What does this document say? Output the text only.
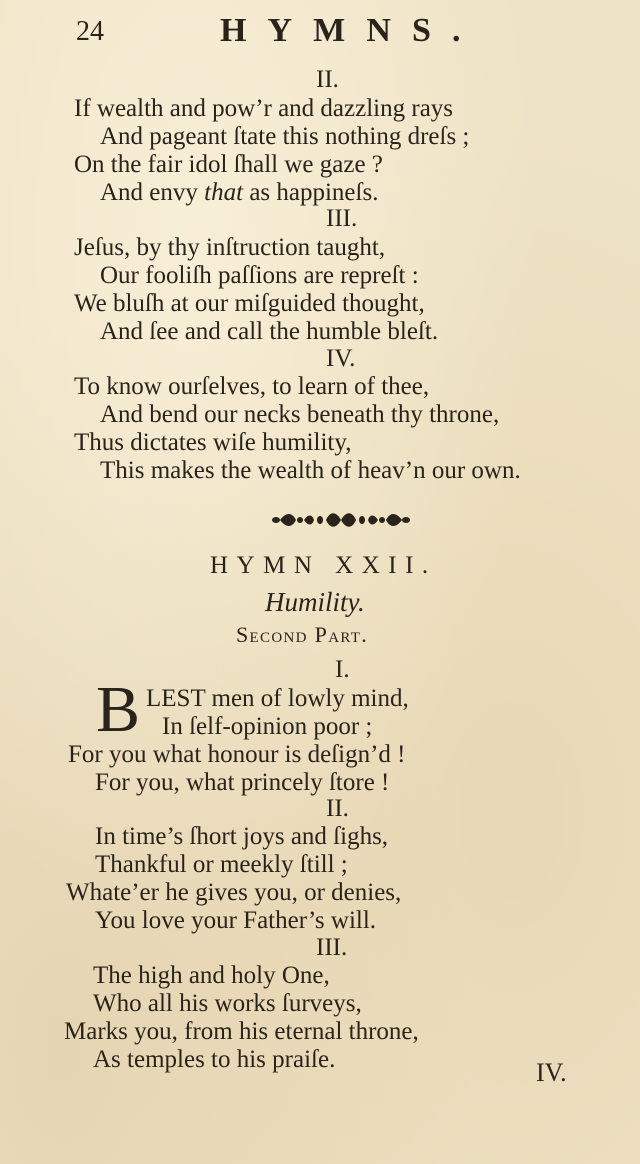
24	HYMNS.
II.
If wealth and pow’r and dazzling rays
And pageant ſtate this nothing dreſs ;
On the fair idol ſhall we gaze ?
And envy that as happineſs.
III.
Jeſus, by thy inſtruction taught,
Our fooliſh paſſions are repreſt :
We bluſh at our miſguided thought,
And ſee and call the humble bleſt.
IV.
To know ourſelves, to learn of thee,
And bend our necks beneath thy throne,
Thus dictates wiſe humility,
This makes the wealth of heav’n our own.
HYMN XXII.
Humility.
Second Part.
I.
B LEST men of lowly mind,
In ſelf-opinion poor ;
For you what honour is deſign’d !
For you, what princely ſtore !
II.
In time’s ſhort joys and ſighs,
Thankful or meekly ſtill ;
Whate’er he gives you, or denies,
You love your Father’s will.
III.
The high and holy One,
Who all his works ſurveys,
Marks you, from his eternal throne,
As temples to his praiſe.	IV.
